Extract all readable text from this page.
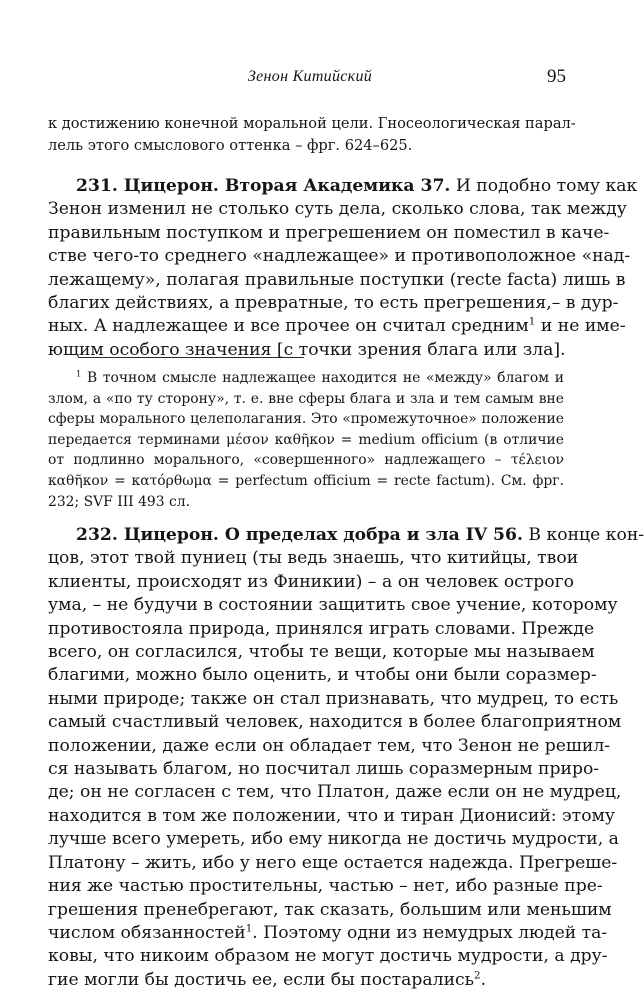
Зенон Китийский	95
к достижению конечной моральной цели. Гносеологическая парал-
лель этого смыслового оттенка – фрг. 624–625.
231. Цицерон. Вторая Академика 37. И подобно тому как
Зенон изменил не столько суть дела, сколько слова, так между
правильным поступком и прегрешением он поместил в каче-
стве чего-то среднего «надлежащее» и противоположное «над-
лежащему», полагая правильные поступки (recte facta) лишь в
благих действиях, а превратные, то есть прегрешения,– в дур-
ных. А надлежащее и все прочее он считал средним$^1$ и не име-
ющим особого значения [с точки зрения блага или зла].
$^1$ В точном смысле надлежащее находится не «между» благом и
злом, а «по ту сторону», т. е. вне сферы блага и зла и тем самым вне
сферы морального целеполагания. Это «промежуточное» положение
передается терминами μέσον καθῆκον = medium officium (в отличие
от подлинно морального, «совершенного» надлежащего – τέλειον
καθῆκον = κατόρθωμα = perfectum officium = recte factum). См. фрг.
232; SVF III 493 сл.
232. Цицерон. О пределах добра и зла IV 56. В конце кон-
цов, этот твой пуниец (ты ведь знаешь, что китийцы, твои
клиенты, происходят из Финикии) – а он человек острого
ума, – не будучи в состоянии защитить свое учение, которому
противостояла природа, принялся играть словами. Прежде
всего, он согласился, чтобы те вещи, которые мы называем
благими, можно было оценить, и чтобы они были соразмер-
ными природе; также он стал признавать, что мудрец, то есть
самый счастливый человек, находится в более благоприятном
положении, даже если он обладает тем, что Зенон не решил-
ся называть благом, но посчитал лишь соразмерным приро-
де; он не согласен с тем, что Платон, даже если он не мудрец,
находится в том же положении, что и тиран Дионисий: этому
лучше всего умереть, ибо ему никогда не достичь мудрости, а
Платону – жить, ибо у него еще остается надежда. Прегреше-
ния же частью простительны, частью – нет, ибо разные пре-
грешения пренебрегают, так сказать, большим или меньшим
числом обязанностей$^1$. Поэтому одни из немудрых людей та-
ковы, что никоим образом не могут достичь мудрости, а дру-
гие могли бы достичь ее, если бы постарались$^2$.
